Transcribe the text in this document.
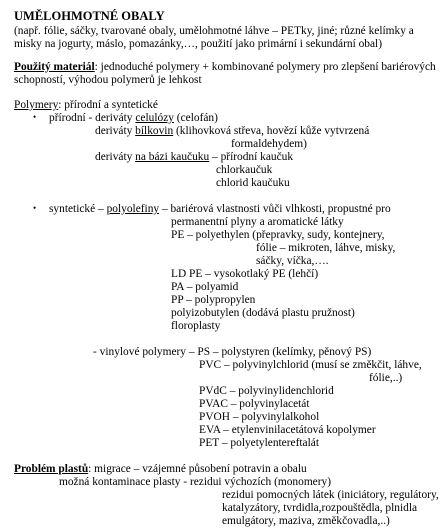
UMĚLOHMOTNÉ OBALY
(např. fólie, sáčky, tvarované obaly, umělohmotné láhve – PETky, jiné; různé kelímky a
misky na jogurty, máslo, pomazánky,…, použití jako primární i sekundární obal)
Použitý materiál: jednoduché polymery + kombinované polymery pro zlepšení bariérových
schopností, výhodou polymerů je lehkost
Polymery: přírodní a syntetické
• přírodní - deriváty celulózy (celofán)
deriváty bílkovin (klihovková střeva, hovězí kůže vytvrzená
formaldehydem)
deriváty na bázi kaučuku – přírodní kaučuk
chlorkaučuk
chlorid kaučuku
• syntetické – polyolefiny – bariérová vlastnosti vůči vlhkosti, propustné pro
permanentní plyny a aromatické látky
PE – polyethylen (přepravky, sudy, kontejnery,
fólie – mikroten, láhve, misky,
sáčky, víčka,….
LD PE – vysokotlaký PE (lehčí)
PA – polyamid
PP – polypropylen
polyizobutylen (dodává plastu pružnost)
floroplasty
- vinylové polymery – PS – polystyren (kelímky, pěnový PS)
PVC – polyvinylchlorid (musí se změkčit, láhve,
fólie,..)
PVdC – polyvinylidenchlorid
PVAC – polyvinylacetát
PVOH – polyvinylalkohol
EVA – etylenvinilacetátová kopolymer
PET – polyetylentereftalát
Problém plastů: migrace – vzájemné působení potravin a obalu
možná kontaminace plasty - rezidui výchozích (monomery)
rezidui pomocných látek (iniciátory, regulátory,
katalyzátory, tvrdidla,rozpouštědla, plnidla
emulgátory, maziva, změkčovadla,..)
